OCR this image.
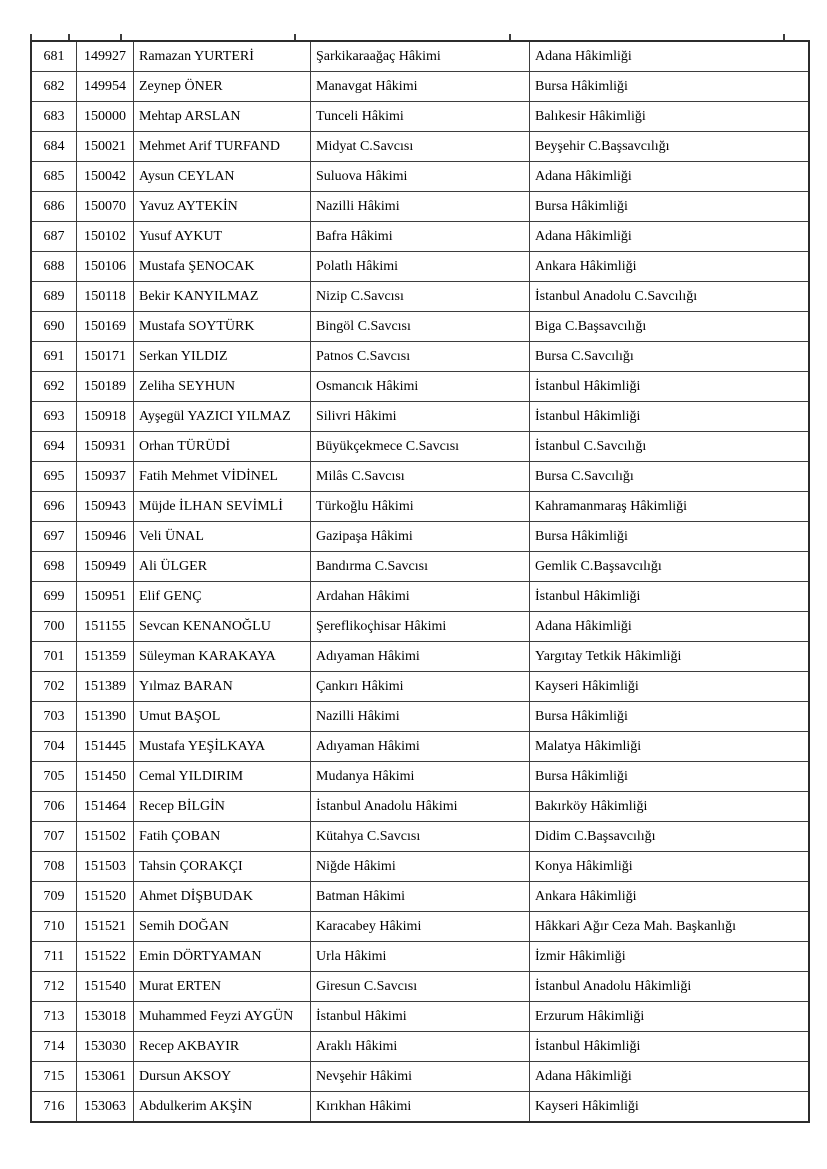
681	149927	Ramazan YURTERİ	Şarkikaraağaç Hâkimi	Adana Hâkimliği
682	149954	Zeynep ÖNER	Manavgat Hâkimi	Bursa Hâkimliği
683	150000	Mehtap ARSLAN	Tunceli Hâkimi	Balıkesir Hâkimliği
684	150021	Mehmet Arif TURFAND	Midyat C.Savcısı	Beyşehir C.Başsavcılığı
685	150042	Aysun CEYLAN	Suluova Hâkimi	Adana Hâkimliği
686	150070	Yavuz AYTEKİN	Nazilli Hâkimi	Bursa Hâkimliği
687	150102	Yusuf AYKUT	Bafra Hâkimi	Adana Hâkimliği
688	150106	Mustafa ŞENOCAK	Polatlı Hâkimi	Ankara Hâkimliği
689	150118	Bekir KANYILMAZ	Nizip C.Savcısı	İstanbul Anadolu C.Savcılığı
690	150169	Mustafa SOYTÜRK	Bingöl C.Savcısı	Biga C.Başsavcılığı
691	150171	Serkan YILDIZ	Patnos C.Savcısı	Bursa C.Savcılığı
692	150189	Zeliha SEYHUN	Osmancık Hâkimi	İstanbul Hâkimliği
693	150918	Ayşegül YAZICI YILMAZ	Silivri Hâkimi	İstanbul Hâkimliği
694	150931	Orhan TÜRÜDİ	Büyükçekmece C.Savcısı	İstanbul C.Savcılığı
695	150937	Fatih Mehmet VİDİNEL	Milâs C.Savcısı	Bursa C.Savcılığı
696	150943	Müjde İLHAN SEVİMLİ	Türkoğlu Hâkimi	Kahramanmaraş Hâkimliği
697	150946	Veli ÜNAL	Gazipaşa Hâkimi	Bursa Hâkimliği
698	150949	Ali ÜLGER	Bandırma C.Savcısı	Gemlik C.Başsavcılığı
699	150951	Elif GENÇ	Ardahan Hâkimi	İstanbul Hâkimliği
700	151155	Sevcan KENANOĞLU	Şereflikoçhisar Hâkimi	Adana Hâkimliği
701	151359	Süleyman KARAKAYA	Adıyaman Hâkimi	Yargıtay Tetkik Hâkimliği
702	151389	Yılmaz BARAN	Çankırı Hâkimi	Kayseri Hâkimliği
703	151390	Umut BAŞOL	Nazilli Hâkimi	Bursa Hâkimliği
704	151445	Mustafa YEŞİLKAYA	Adıyaman Hâkimi	Malatya Hâkimliği
705	151450	Cemal YILDIRIM	Mudanya Hâkimi	Bursa Hâkimliği
706	151464	Recep BİLGİN	İstanbul Anadolu Hâkimi	Bakırköy Hâkimliği
707	151502	Fatih ÇOBAN	Kütahya C.Savcısı	Didim C.Başsavcılığı
708	151503	Tahsin ÇORAKÇI	Niğde Hâkimi	Konya Hâkimliği
709	151520	Ahmet DİŞBUDAK	Batman Hâkimi	Ankara Hâkimliği
710	151521	Semih DOĞAN	Karacabey Hâkimi	Hâkkari Ağır Ceza Mah. Başkanlığı
711	151522	Emin DÖRTYAMAN	Urla Hâkimi	İzmir Hâkimliği
712	151540	Murat ERTEN	Giresun C.Savcısı	İstanbul Anadolu Hâkimliği
713	153018	Muhammed Feyzi AYGÜN	İstanbul Hâkimi	Erzurum Hâkimliği
714	153030	Recep AKBAYIR	Araklı Hâkimi	İstanbul Hâkimliği
715	153061	Dursun AKSOY	Nevşehir Hâkimi	Adana Hâkimliği
716	153063	Abdulkerim AKŞİN	Kırıkhan Hâkimi	Kayseri Hâkimliği
